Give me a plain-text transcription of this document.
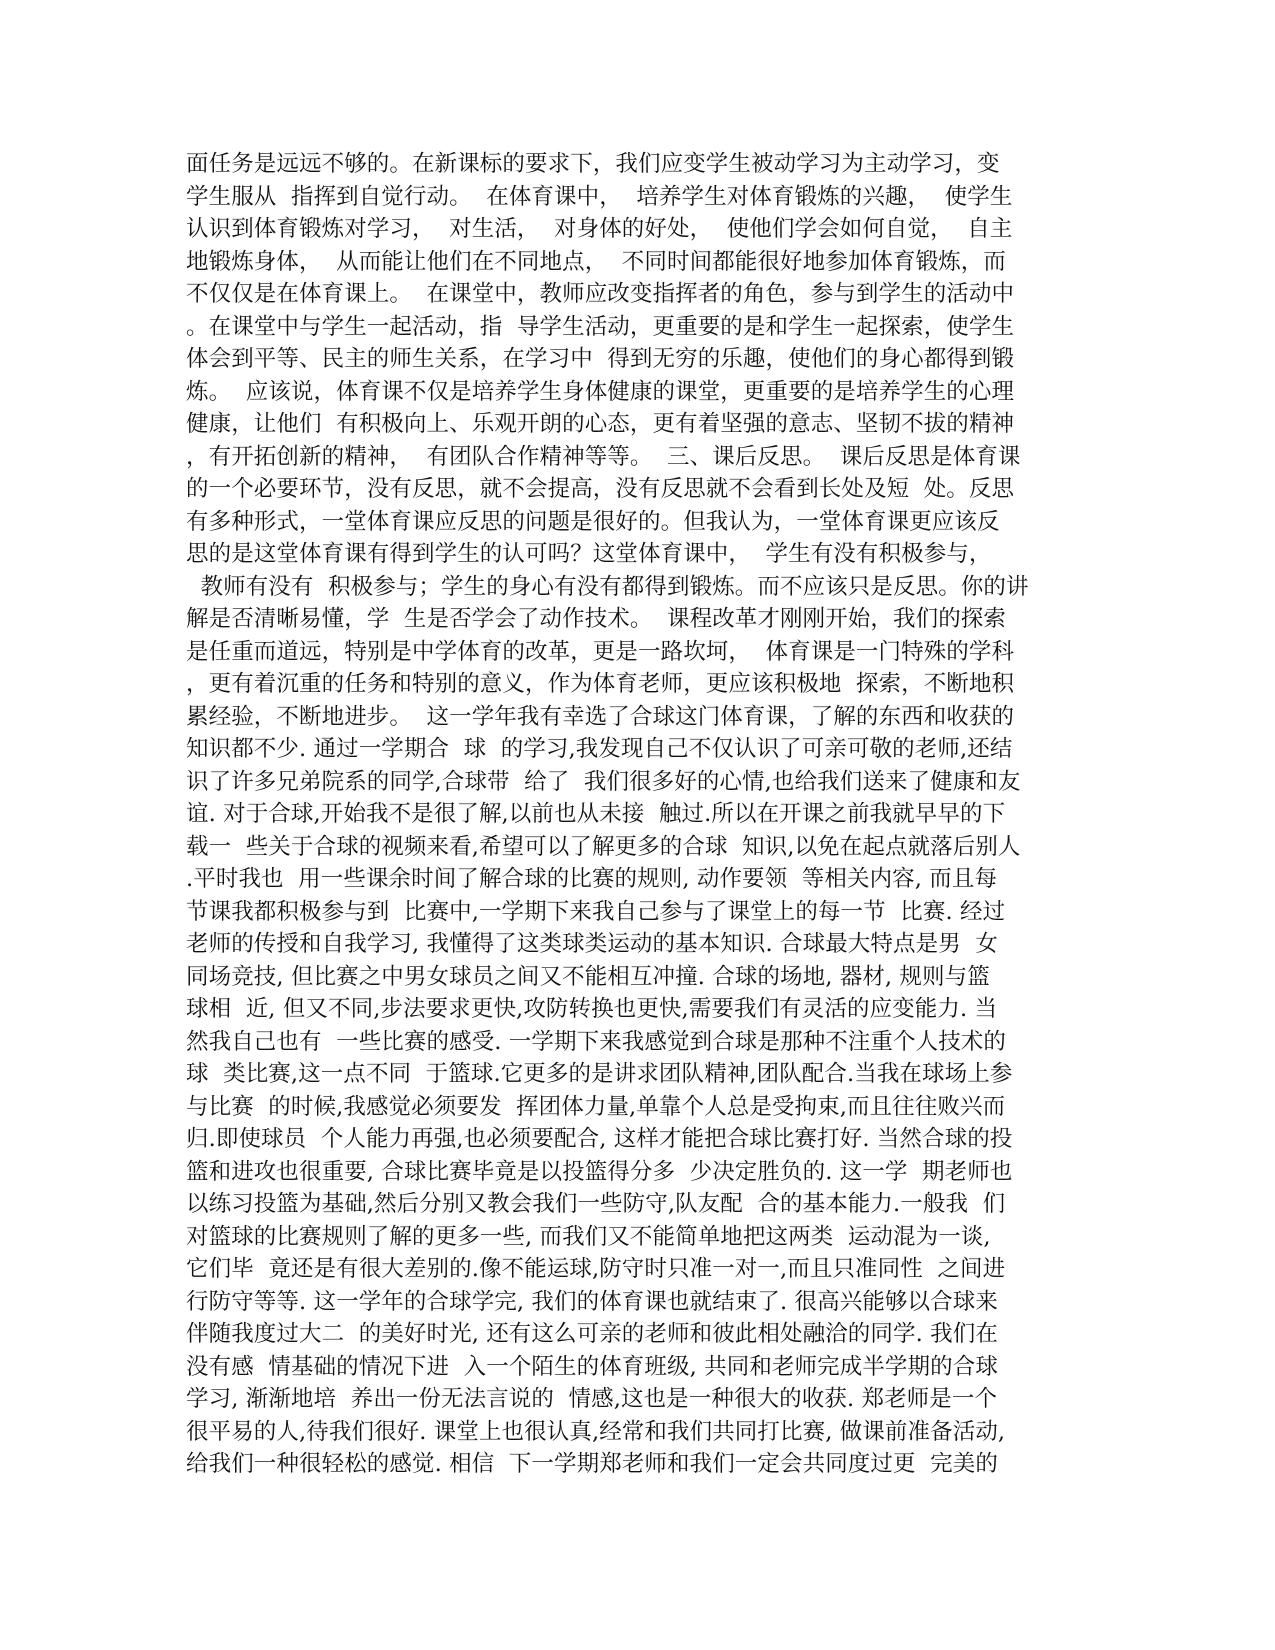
面任务是远远不够的。在新课标的要求下，我们应变学生被动学习为主动学习，变
学生服从  指挥到自觉行动。  在体育课中，  培养学生对体育锻炼的兴趣，  使学生
认识到体育锻炼对学习，  对生活，  对身体的好处，  使他们学会如何自觉，  自主
地锻炼身体，  从而能让他们在不同地点，  不同时间都能很好地参加体育锻炼，而
不仅仅是在体育课上。  在课堂中，教师应改变指挥者的角色，参与到学生的活动中
。在课堂中与学生一起活动，指  导学生活动，更重要的是和学生一起探索，使学生
体会到平等、民主的师生关系，在学习中  得到无穷的乐趣，使他们的身心都得到锻
炼。  应该说，体育课不仅是培养学生身体健康的课堂，更重要的是培养学生的心理
健康，让他们  有积极向上、乐观开朗的心态，更有着坚强的意志、坚韧不拔的精神
，有开拓创新的精神，  有团队合作精神等等。  三、课后反思。  课后反思是体育课
的一个必要环节，没有反思，就不会提高，没有反思就不会看到长处及短  处。反思
有多种形式，一堂体育课应反思的问题是很好的。但我认为，一堂体育课更应该反
思的是这堂体育课有得到学生的认可吗？这堂体育课中，  学生有没有积极参与，
教师有没有  积极参与；学生的身心有没有都得到锻炼。而不应该只是反思。你的讲
解是否清晰易懂，学  生是否学会了动作技术。  课程改革才刚刚开始，我们的探索
是任重而道远，特别是中学体育的改革，更是一路坎坷，  体育课是一门特殊的学科
，更有着沉重的任务和特别的意义，作为体育老师，更应该积极地  探索，不断地积
累经验，不断地进步。  这一学年我有幸选了合球这门体育课，了解的东西和收获的
知识都不少. 通过一学期合  球  的学习,我发现自己不仅认识了可亲可敬的老师,还结
识了许多兄弟院系的同学,合球带  给了  我们很多好的心情,也给我们送来了健康和友
谊. 对于合球,开始我不是很了解,以前也从未接  触过.所以在开课之前我就早早的下
载一  些关于合球的视频来看,希望可以了解更多的合球  知识,以免在起点就落后别人
.平时我也  用一些课余时间了解合球的比赛的规则, 动作要领  等相关内容, 而且每
节课我都积极参与到  比赛中,一学期下来我自己参与了课堂上的每一节  比赛. 经过
老师的传授和自我学习, 我懂得了这类球类运动的基本知识. 合球最大特点是男  女
同场竞技, 但比赛之中男女球员之间又不能相互冲撞. 合球的场地, 器材, 规则与篮
球相  近, 但又不同,步法要求更快,攻防转换也更快,需要我们有灵活的应变能力. 当
然我自己也有  一些比赛的感受. 一学期下来我感觉到合球是那种不注重个人技术的
球  类比赛,这一点不同  于篮球.它更多的是讲求团队精神,团队配合.当我在球场上参
与比赛  的时候,我感觉必须要发  挥团体力量,单靠个人总是受拘束,而且往往败兴而
归.即使球员  个人能力再强,也必须要配合, 这样才能把合球比赛打好. 当然合球的投
篮和进攻也很重要, 合球比赛毕竟是以投篮得分多  少决定胜负的. 这一学  期老师也
以练习投篮为基础,然后分别又教会我们一些防守,队友配  合的基本能力.一般我  们
对篮球的比赛规则了解的更多一些, 而我们又不能简单地把这两类  运动混为一谈,
它们毕  竟还是有很大差别的.像不能运球,防守时只准一对一,而且只准同性  之间进
行防守等等. 这一学年的合球学完, 我们的体育课也就结束了. 很高兴能够以合球来
伴随我度过大二  的美好时光, 还有这么可亲的老师和彼此相处融洽的同学. 我们在
没有感  情基础的情况下进  入一个陌生的体育班级, 共同和老师完成半学期的合球
学习, 渐渐地培  养出一份无法言说的  情感,这也是一种很大的收获. 郑老师是一个
很平易的人,待我们很好. 课堂上也很认真,经常和我们共同打比赛, 做课前准备活动,
给我们一种很轻松的感觉. 相信  下一学期郑老师和我们一定会共同度过更  完美的
